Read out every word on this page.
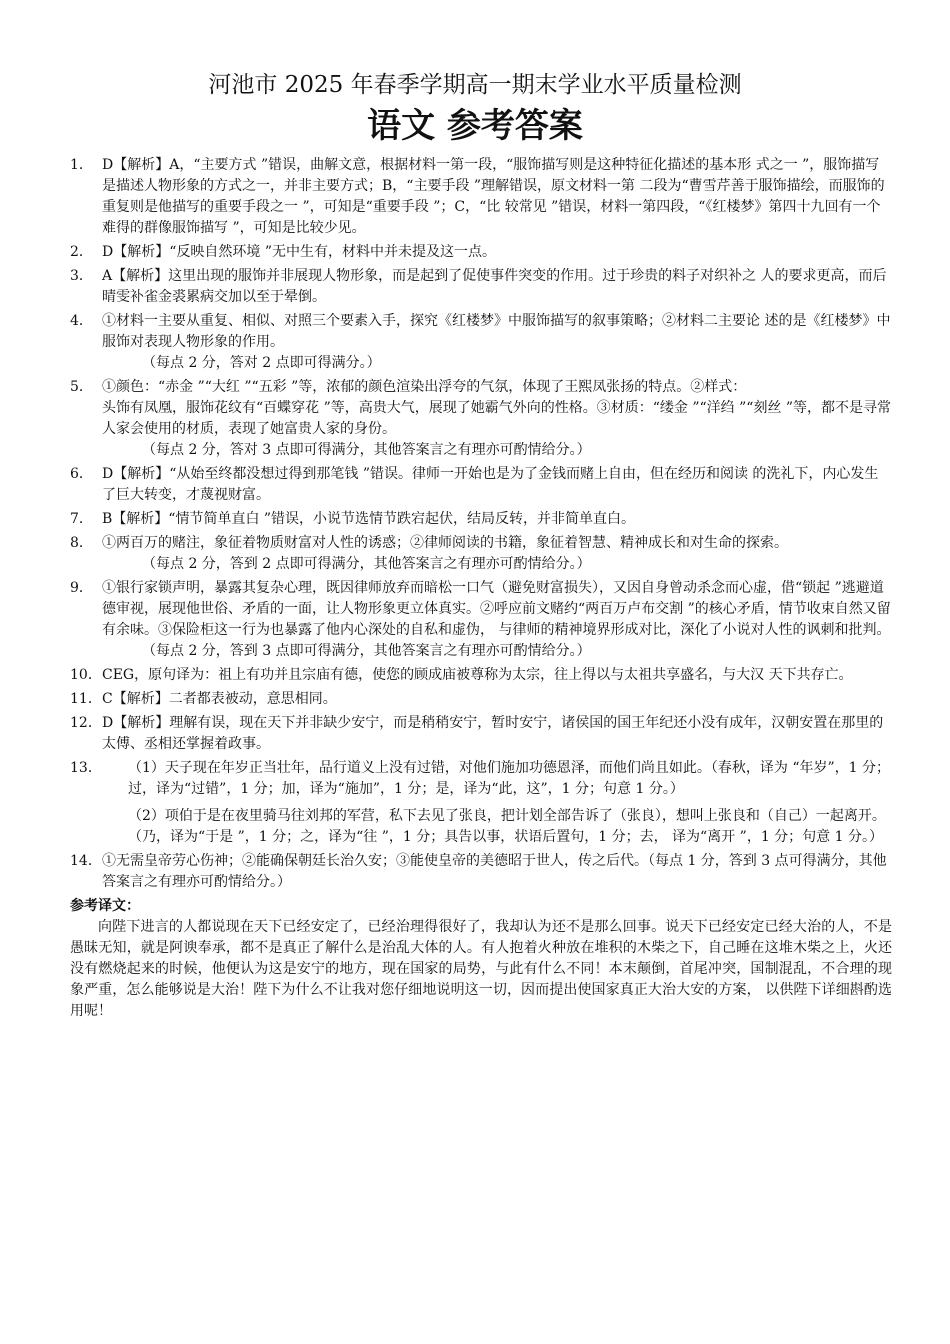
河池市 2025 年春季学期高一期末学业水平质量检测
语文 参考答案
1． D【解析】A，“主要方式 ”错误，曲解文意，根据材料一第一段，“服饰描写则是这种特征化描述的基本形 式之一 ”，服饰描写是描述人物形象的方式之一，并非主要方式；B，“主要手段 ”理解错误，原文材料一第 二段为“曹雪芹善于服饰描绘，而服饰的重复则是他描写的重要手段之一 ”，可知是“重要手段 ”；C，“比 较常见 ”错误，材料一第四段，“《红楼梦》第四十九回有一个难得的群像服饰描写 ”，可知是比较少见。
2． D【解析】“反映自然环境 ”无中生有，材料中并未提及这一点。
3． A【解析】这里出现的服饰并非展现人物形象，而是起到了促使事件突变的作用。过于珍贵的料子对织补之 人的要求更高，而后晴雯补雀金裘累病交加以至于晕倒。
4． ①材料一主要从重复、相似、对照三个要素入手，探究《红楼梦》中服饰描写的叙事策略；②材料二主要论 述的是《红楼梦》中服饰对表现人物形象的作用。
（每点 2 分，答对 2 点即可得满分。）
5． ①颜色：“赤金 ”“大红 ”“五彩 ”等，浓郁的颜色渲染出浮夸的气氛，体现了王熙凤张扬的特点。②样式：
头饰有凤凰，服饰花纹有“百蝶穿花 ”等，高贵大气，展现了她霸气外向的性格。③材质：“缕金 ”“洋绉 ”“刻丝 ”等，都不是寻常人家会使用的材质，表现了她富贵人家的身份。
（每点 2 分，答对 3 点即可得满分，其他答案言之有理亦可酌情给分。）
6． D【解析】“从始至终都没想过得到那笔钱 ”错误。律师一开始也是为了金钱而赌上自由，但在经历和阅读 的洗礼下，内心发生了巨大转变，才蔑视财富。
7． B【解析】“情节简单直白 ”错误，小说节选情节跌宕起伏，结局反转，并非简单直白。
8． ①两百万的赌注，象征着物质财富对人性的诱惑；②律师阅读的书籍，象征着智慧、精神成长和对生命的探索。
（每点 2 分，答到 2 点即可得满分，其他答案言之有理亦可酌情给分。）
9． ①银行家锁声明，暴露其复杂心理，既因律师放弃而暗松一口气（避免财富损失），又因自身曾动杀念而心虚，借“锁起 ”逃避道德审视，展现他世俗、矛盾的一面，让人物形象更立体真实。②呼应前文赌约“两百万卢布交割 ”的核心矛盾，情节收束自然又留有余味。③保险柜这一行为也暴露了他内心深处的自私和虚伪， 与律师的精神境界形成对比，深化了小说对人性的讽刺和批判。
（每点 2 分，答到 3 点即可得满分，其他答案言之有理亦可酌情给分。）
10． CEG，原句译为：祖上有功并且宗庙有德，使您的顾成庙被尊称为太宗，往上得以与太祖共享盛名，与大汉 天下共存亡。
11． C【解析】二者都表被动，意思相同。
12． D【解析】理解有误，现在天下并非缺少安宁，而是稍稍安宁，暂时安宁，诸侯国的国王年纪还小没有成年，汉朝安置在那里的太傅、丞相还掌握着政事。
13．	（1）天子现在年岁正当壮年，品行道义上没有过错，对他们施加功德恩泽，而他们尚且如此。（春秋，译为 “年岁”，1 分；过，译为“过错”，1 分；加，译为“施加”，1 分；是，译为“此，这”，1 分；句意 1 分。）
（2）项伯于是在夜里骑马往刘邦的军营，私下去见了张良，把计划全部告诉了（张良），想叫上张良和（自己）一起离开。（乃，译为“于是 ”，1 分；之，译为“往 ”，1 分；具告以事，状语后置句，1 分；去， 译为“离开 ”，1 分；句意 1 分。）
14． ①无需皇帝劳心伤神；②能确保朝廷长治久安；③能使皇帝的美德昭于世人，传之后代。（每点 1 分，答到 3 点可得满分，其他答案言之有理亦可酌情给分。）
参考译文：
向陛下进言的人都说现在天下已经安定了，已经治理得很好了，我却认为还不是那么回事。说天下已经安定已经大治的人，不是愚昧无知，就是阿谀奉承，都不是真正了解什么是治乱大体的人。有人抱着火种放在堆积的木柴之下，自己睡在这堆木柴之上，火还没有燃烧起来的时候，他便认为这是安宁的地方，现在国家的局势，与此有什么不同！本末颠倒，首尾冲突，国制混乱，不合理的现象严重，怎么能够说是大治！陛下为什么不让我对您仔细地说明这一切，因而提出使国家真正大治大安的方案， 以供陛下详细斟酌选用呢！
